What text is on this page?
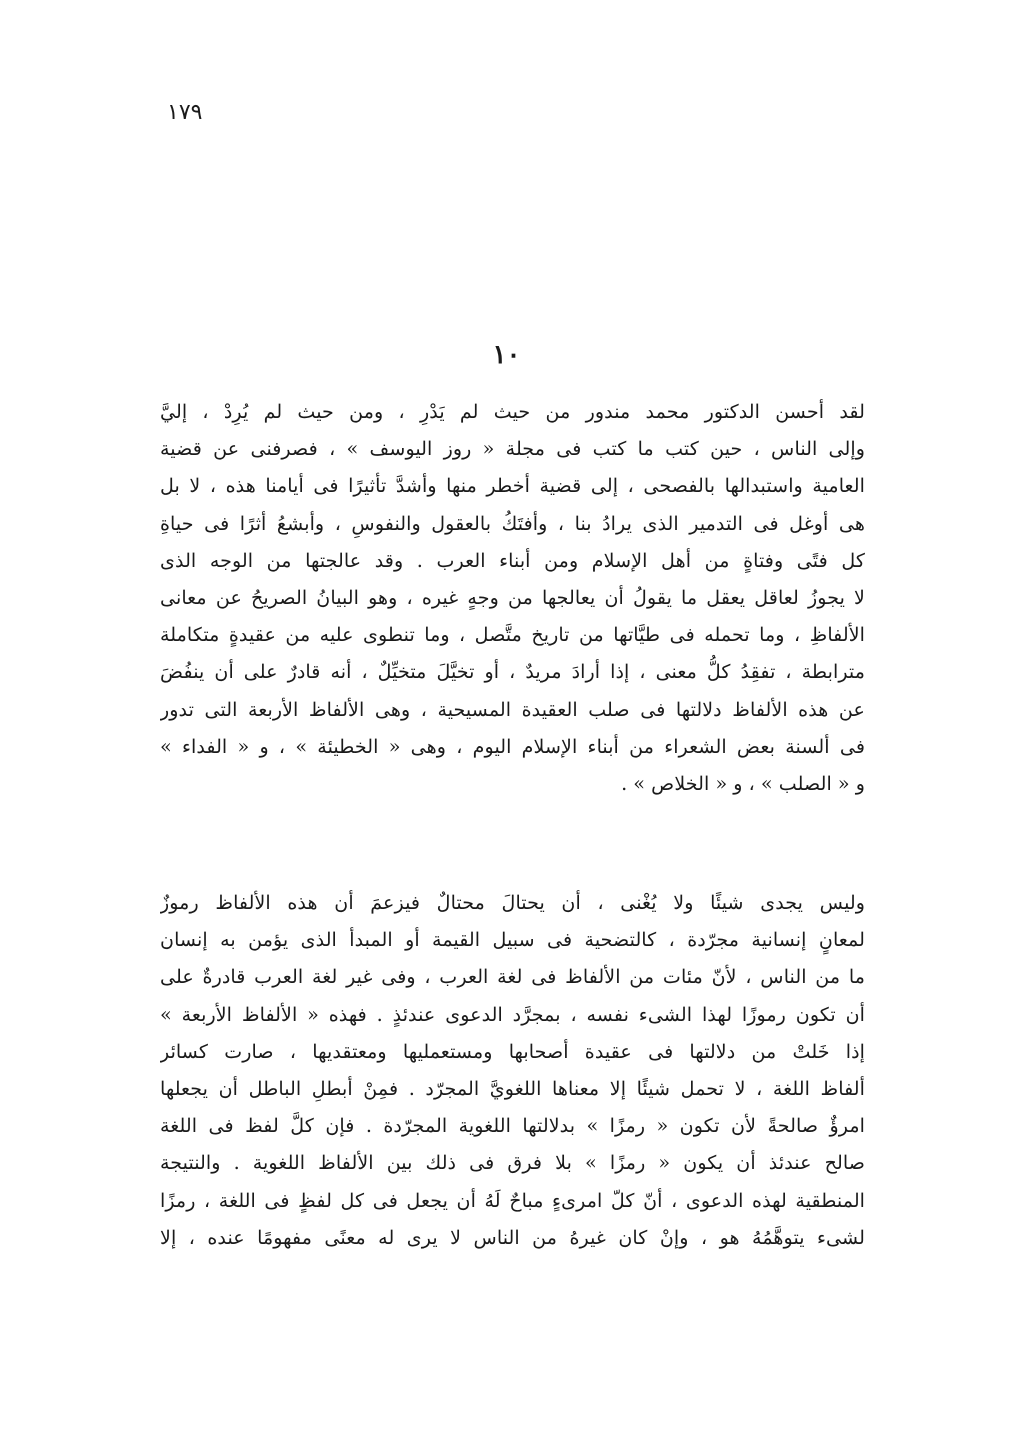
١٧٩
١٠
لقد أحسن الدكتور محمد مندور من حيث لم يَدْرِ ، ومن حيث لم يُرِدْ ، إليَّ
وإلى الناس ، حين كتب ما كتب فى مجلة « روز اليوسف » ، فصرفنى عن قضية
العامية واستبدالها بالفصحى ، إلى قضية أخطر منها وأشدَّ تأثيرًا فى أيامنا هذه ، لا بل
هى أوغل فى التدمير الذى يرادُ بنا ، وأفتَكُ بالعقول والنفوسِ ، وأبشعُ أثرًا فى حياةِ
كل فتًى وفتاةٍ من أهل الإسلام ومن أبناء العرب . وقد عالجتها من الوجه الذى
لا يجوزُ لعاقل يعقل ما يقولُ أن يعالجها من وجهٍ غيره ، وهو البيانُ الصريحُ عن معانى
الألفاظِ ، وما تحمله فى طيَّاتها من تاريخ متَّصل ، وما تنطوى عليه من عقيدةٍ متكاملة
مترابطة ، تفقِدُ كلُّ معنى ، إذا أرادَ مريدٌ ، أو تخيَّلَ متخيِّلٌ ، أنه قادرٌ على أن ينفُضَ
عن هذه الألفاظ دلالتها فى صلب العقيدة المسيحية ، وهى الألفاظ الأربعة التى تدور
فى ألسنة بعض الشعراء من أبناء الإسلام اليوم ، وهى « الخطيئة » ، و « الفداء »
و « الصلب » ، و « الخلاص » .
وليس يجدى شيئًا ولا يُغْنى ، أن يحتالَ محتالٌ فيزعمَ أن هذه الألفاظ رموزٌ
لمعانٍ إنسانية مجرّدة ، كالتضحية فى سبيل القيمة أو المبدأ الذى يؤمن به إنسان
ما من الناس ، لأنّ مئات من الألفاظ فى لغة العرب ، وفى غير لغة العرب قادرةٌ على
أن تكون رموزًا لهذا الشىء نفسه ، بمجرَّد الدعوى عندئذٍ . فهذه « الألفاظ الأربعة »
إذا خَلتْ من دلالتها فى عقيدة أصحابها ومستعمليها ومعتقديها ، صارت كسائر
ألفاظ اللغة ، لا تحمل شيئًا إلا معناها اللغويَّ المجرّد . فمِنْ أبطلِ الباطل أن يجعلها
امرؤٌ صالحةً لأن تكون « رمزًا » بدلالتها اللغوية المجرّدة . فإن كلَّ لفظ فى اللغة
صالح عندئذ أن يكون « رمزًا » بلا فرق فى ذلك بين الألفاظ اللغوية . والنتيجة
المنطقية لهذه الدعوى ، أنّ كلّ امرىءٍ مباحٌ لَهُ أن يجعل فى كل لفظٍ فى اللغة ، رمزًا
لشىء يتوهَّمُهُ هو ، وإنْ كان غيرهُ من الناس لا يرى له معنًى مفهومًا عنده ، إلا
